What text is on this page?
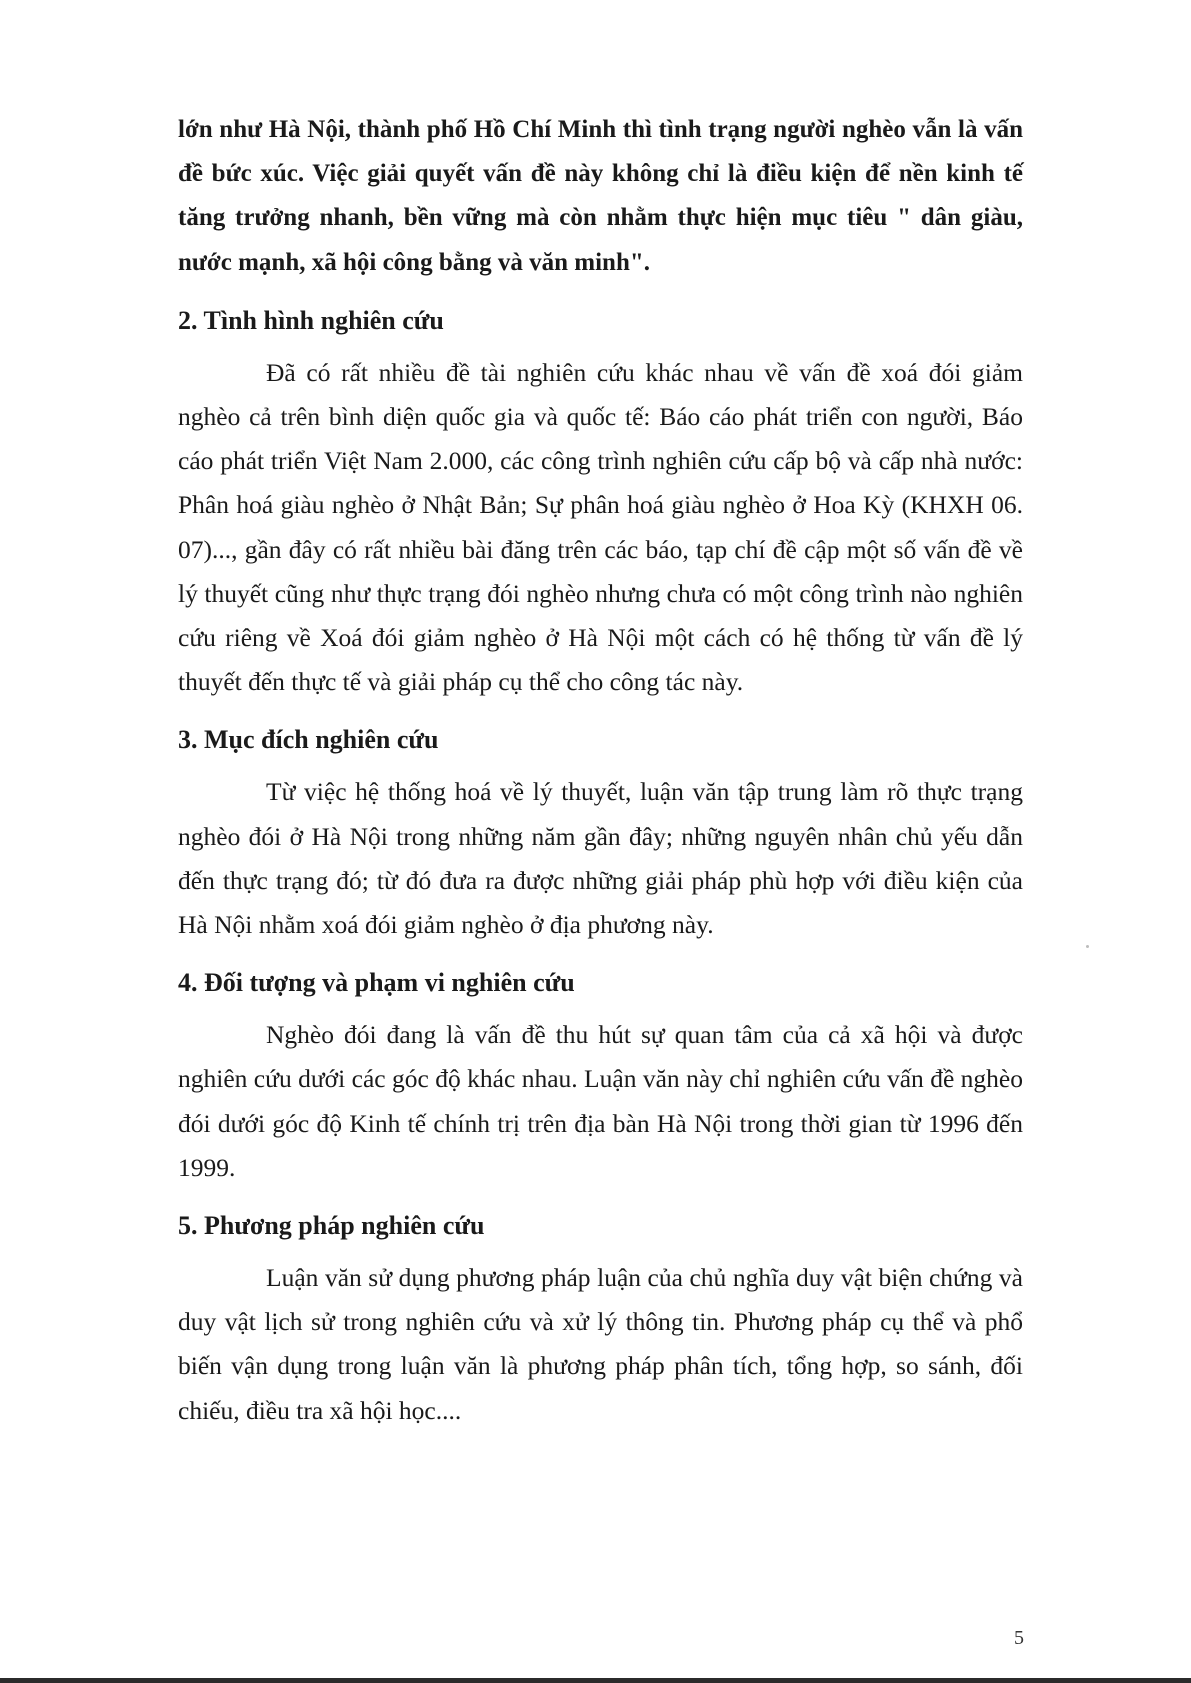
lớn như Hà Nội, thành phố Hồ Chí Minh thì tình trạng người nghèo vẫn là vấn đề bức xúc. Việc giải quyết vấn đề này không chỉ là điều kiện để nền kinh tế tăng trưởng nhanh, bền vững mà còn nhằm thực hiện mục tiêu " dân giàu, nước mạnh, xã hội công bằng và văn minh".

2. Tình hình nghiên cứu

Đã có rất nhiều đề tài nghiên cứu khác nhau về vấn đề xoá đói giảm nghèo cả trên bình diện quốc gia và quốc tế: Báo cáo phát triển con người, Báo cáo phát triển Việt Nam 2.000, các công trình nghiên cứu cấp bộ và cấp nhà nước: Phân hoá giàu nghèo ở Nhật Bản; Sự phân hoá giàu nghèo ở Hoa Kỳ (KHXH 06. 07)..., gần đây có rất nhiều bài đăng trên các báo, tạp chí đề cập một số vấn đề về lý thuyết cũng như thực trạng đói nghèo nhưng chưa có một công trình nào nghiên cứu riêng về Xoá đói giảm nghèo ở Hà Nội một cách có hệ thống từ vấn đề lý thuyết đến thực tế và giải pháp cụ thể cho công tác này.

3. Mục đích nghiên cứu

Từ việc hệ thống hoá về lý thuyết, luận văn tập trung làm rõ thực trạng nghèo đói ở Hà Nội trong những năm gần đây; những nguyên nhân chủ yếu dẫn đến thực trạng đó; từ đó đưa ra được những giải pháp phù hợp với điều kiện của Hà Nội nhằm xoá đói giảm nghèo ở địa phương này.

4. Đối tượng và phạm vi nghiên cứu

Nghèo đói đang là vấn đề thu hút sự quan tâm của cả xã hội và được nghiên cứu dưới các góc độ khác nhau. Luận văn này chỉ nghiên cứu vấn đề nghèo đói dưới góc độ Kinh tế chính trị trên địa bàn Hà Nội trong thời gian từ 1996 đến 1999.

5. Phương pháp nghiên cứu

Luận văn sử dụng phương pháp luận của chủ nghĩa duy vật biện chứng và duy vật lịch sử trong nghiên cứu và xử lý thông tin. Phương pháp cụ thể và phổ biến vận dụng trong luận văn là phương pháp phân tích, tổng hợp, so sánh, đối chiếu, điều tra xã hội học....

5
